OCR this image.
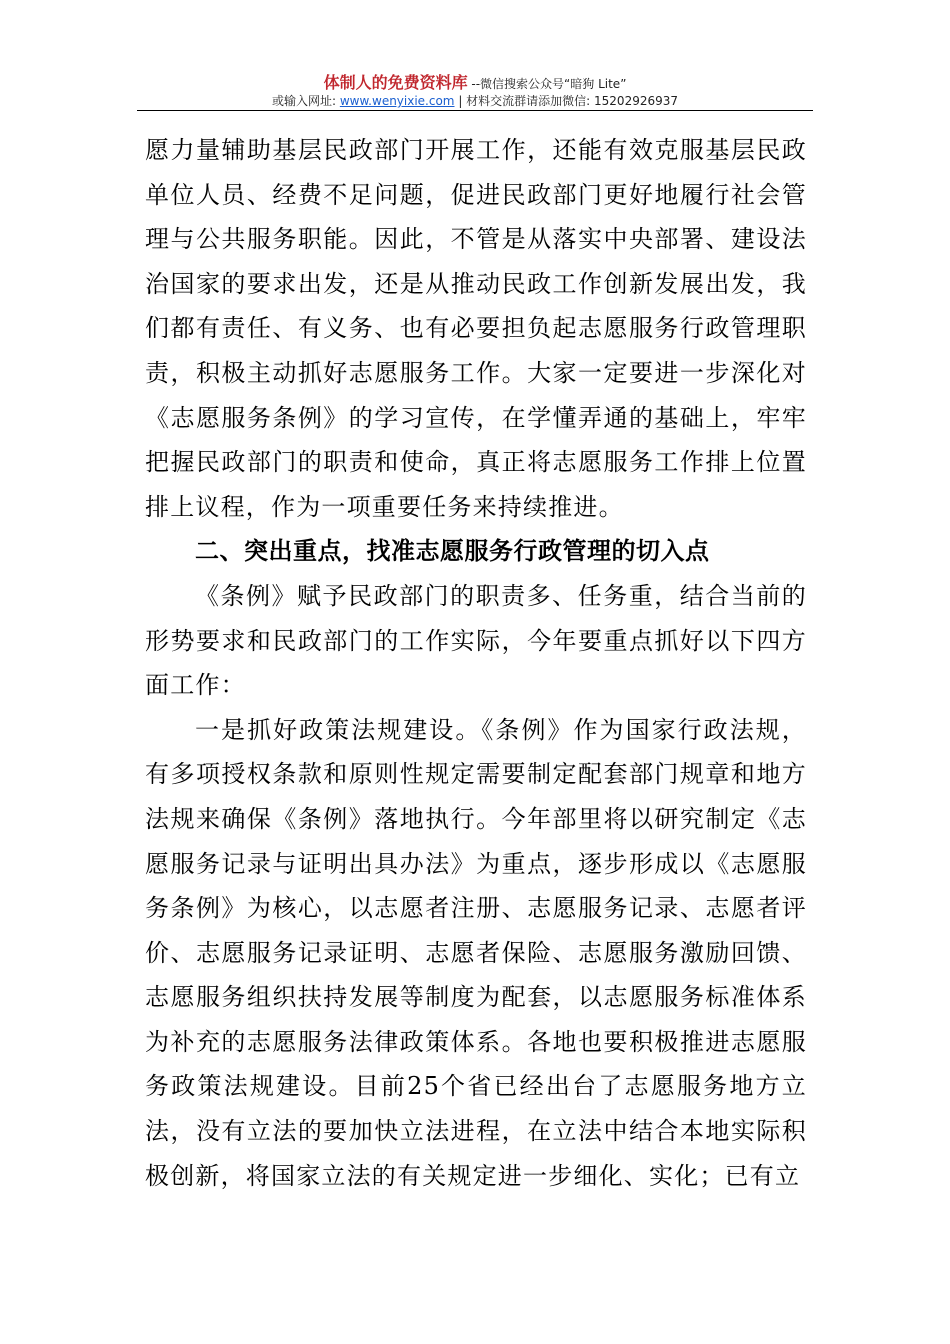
体制人的免费资料库 --微信搜索公众号“暗狗 Lite”
或输入网址: www.wenyixie.com | 材料交流群请添加微信: 15202926937

愿力量辅助基层民政部门开展工作，还能有效克服基层民政单位人员、经费不足问题，促进民政部门更好地履行社会管理与公共服务职能。因此，不管是从落实中央部署、建设法治国家的要求出发，还是从推动民政工作创新发展出发，我们都有责任、有义务、也有必要担负起志愿服务行政管理职责，积极主动抓好志愿服务工作。大家一定要进一步深化对《志愿服务条例》的学习宣传，在学懂弄通的基础上，牢牢把握民政部门的职责和使命，真正将志愿服务工作排上位置排上议程，作为一项重要任务来持续推进。

二、突出重点，找准志愿服务行政管理的切入点

《条例》赋予民政部门的职责多、任务重，结合当前的形势要求和民政部门的工作实际，今年要重点抓好以下四方面工作：

一是抓好政策法规建设。《条例》作为国家行政法规，有多项授权条款和原则性规定需要制定配套部门规章和地方法规来确保《条例》落地执行。今年部里将以研究制定《志愿服务记录与证明出具办法》为重点，逐步形成以《志愿服务条例》为核心，以志愿者注册、志愿服务记录、志愿者评价、志愿服务记录证明、志愿者保险、志愿服务激励回馈、志愿服务组织扶持发展等制度为配套，以志愿服务标准体系为补充的志愿服务法律政策体系。各地也要积极推进志愿服务政策法规建设。目前25个省已经出台了志愿服务地方立法，没有立法的要加快立法进程，在立法中结合本地实际积极创新，将国家立法的有关规定进一步细化、实化；已有立
